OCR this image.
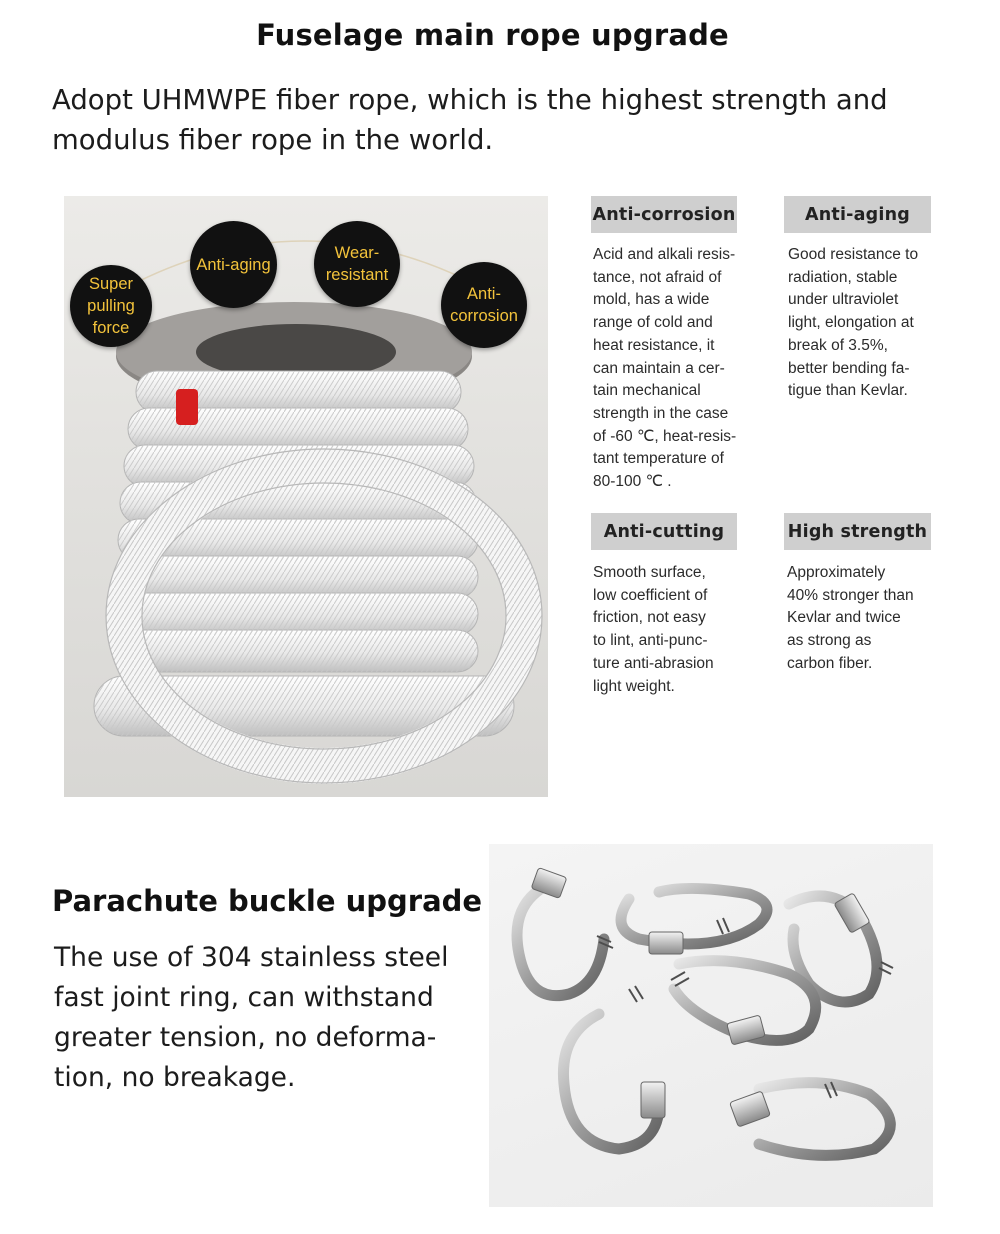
Fuselage main rope upgrade

Adopt UHMWPE fiber rope, which is the highest strength and modulus fiber rope in the world.

Super
pulling
force
Anti-aging
Wear-
resistant
Anti-
corrosion
Anti-corrosion
Acid and alkali resis-
tance, not afraid of
mold, has a wide
range of cold and
heat resistance, it
can maintain a cer-
tain mechanical
strength in the case
of -60 ℃, heat-resis-
tant temperature of
80-100 ℃ .
Anti-aging
Good resistance to
radiation, stable
under ultraviolet
light, elongation at
break of 3.5%,
better bending fa-
tigue than Kevlar.
Anti-cutting
Smooth surface,
low coefficient of
friction, not easy
to lint, anti-punc-
ture anti-abrasion
light weight.
High strength
Approximately
40% stronger than
Kevlar and twice
as strong as
carbon fiber.
Parachute buckle upgrade

The use of 304 stainless steel
fast joint ring, can withstand
greater tension, no deforma-
tion, no breakage.
